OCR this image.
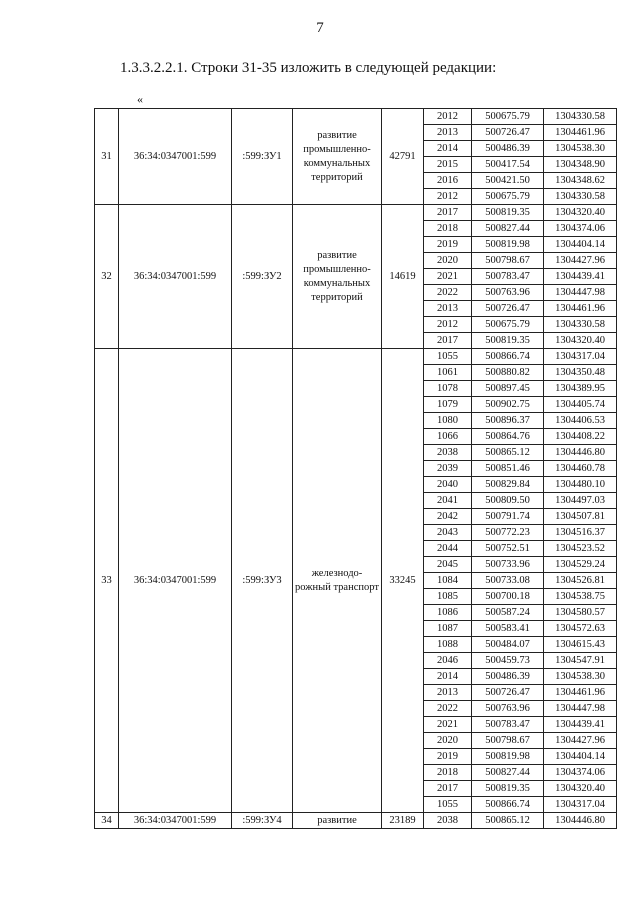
7
1.3.3.2.2.1. Строки 31-35 изложить в следующей редакции:
«
31	36:34:0347001:599	:599:ЗУ1	развитие промышленно-коммунальных территорий	42791	2012	500675.79	1304330.58
					2013	500726.47	1304461.96
					2014	500486.39	1304538.30
					2015	500417.54	1304348.90
					2016	500421.50	1304348.62
					2012	500675.79	1304330.58
32	36:34:0347001:599	:599:ЗУ2	развитие промышленно-коммунальных территорий	14619	2017	500819.35	1304320.40
					2018	500827.44	1304374.06
					2019	500819.98	1304404.14
					2020	500798.67	1304427.96
					2021	500783.47	1304439.41
					2022	500763.96	1304447.98
					2013	500726.47	1304461.96
					2012	500675.79	1304330.58
					2017	500819.35	1304320.40
33	36:34:0347001:599	:599:ЗУ3	железнодо-рожный транспорт	33245	1055	500866.74	1304317.04
					1061	500880.82	1304350.48
					1078	500897.45	1304389.95
					1079	500902.75	1304405.74
					1080	500896.37	1304406.53
					1066	500864.76	1304408.22
					2038	500865.12	1304446.80
					2039	500851.46	1304460.78
					2040	500829.84	1304480.10
					2041	500809.50	1304497.03
					2042	500791.74	1304507.81
					2043	500772.23	1304516.37
					2044	500752.51	1304523.52
					2045	500733.96	1304529.24
					1084	500733.08	1304526.81
					1085	500700.18	1304538.75
					1086	500587.24	1304580.57
					1087	500583.41	1304572.63
					1088	500484.07	1304615.43
					2046	500459.73	1304547.91
					2014	500486.39	1304538.30
					2013	500726.47	1304461.96
					2022	500763.96	1304447.98
					2021	500783.47	1304439.41
					2020	500798.67	1304427.96
					2019	500819.98	1304404.14
					2018	500827.44	1304374.06
					2017	500819.35	1304320.40
					1055	500866.74	1304317.04
34	36:34:0347001:599	:599:ЗУ4	развитие	23189	2038	500865.12	1304446.80
